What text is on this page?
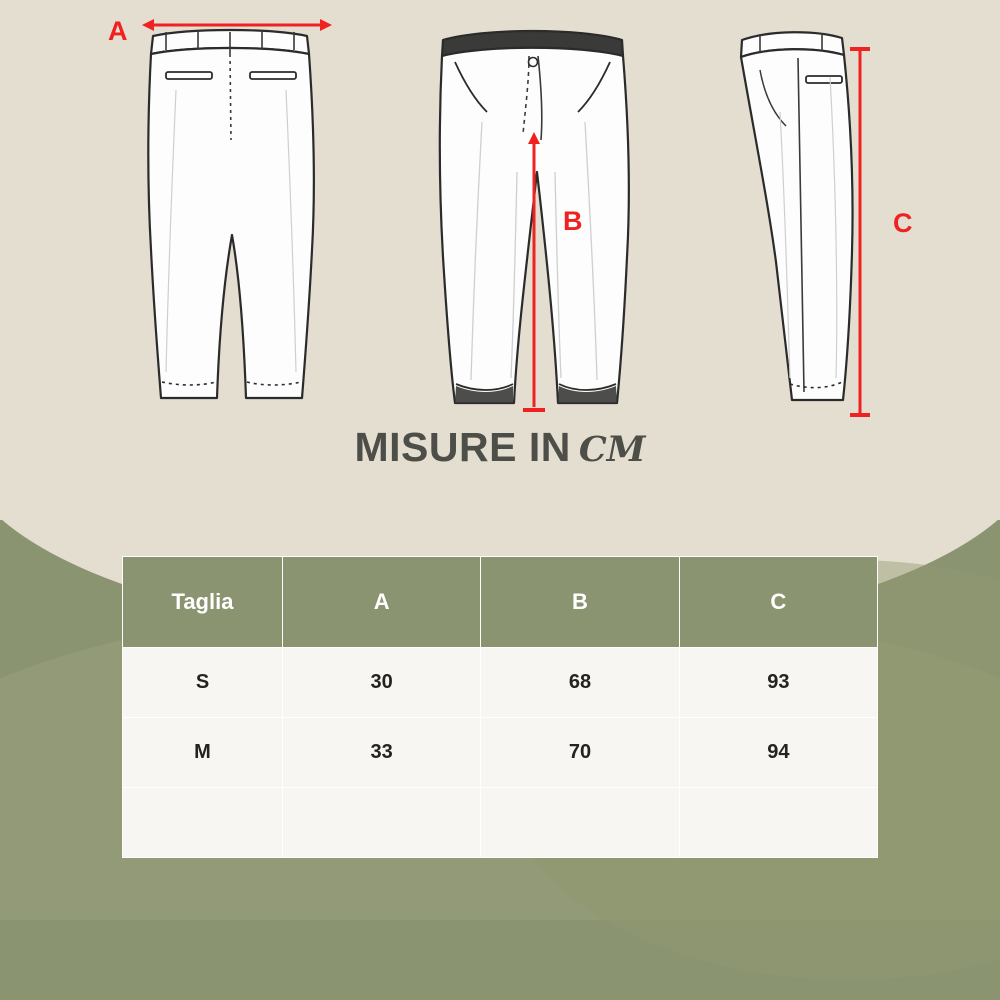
A
B	C
MISURE IN CM
Taglia	A	B	C
S	30	68	93
M	33	70	94
